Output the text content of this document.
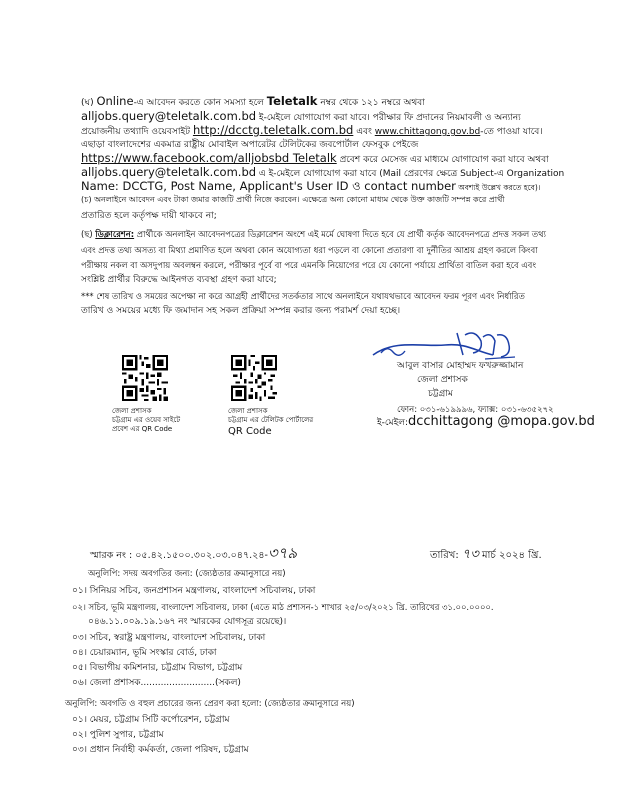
(ঘ) Online-এ আবেদন করতে কোন সমস্যা হলে Teletalk নম্বর থেকে ১২১ নম্বরে অথবা
alljobs.query@teletalk.com.bd ই-মেইলে যোগাযোগ করা যাবে। পরীক্ষার ফি প্রদানের নিয়মাবলী ও অন্যান্য
প্রয়োজনীয় তথ্যাদি ওয়েবসাইট http://dcctg.teletalk.com.bd এবং www.chittagong.gov.bd-তে পাওয়া যাবে।
এছাড়া বাংলাদেশের একমাত্র রাষ্ট্রীয় মোবাইল অপারেটর টেলিটকের জবপোর্টাল ফেসবুক পেইজে
https://www.facebook.com/alljobsbd Teletalk প্রবেশ করে মেসেজ এর মাধ্যমে যোগাযোগ করা যাবে অথবা
alljobs.query@teletalk.com.bd এ ই-মেইলে যোগাযোগ করা যাবে (Mail প্রেরণের ক্ষেত্রে Subject-এ Organization
Name: DCCTG, Post Name, Applicant's User ID ও contact number অবশ্যই উল্লেখ করতে হবে)।
(চ) অনলাইনে আবেদন এবং টাকা জমার কাজটি প্রার্থী নিজে করবেন। এক্ষেত্রে অন্য কোনো মাধ্যম থেকে উক্ত কাজটি সম্পন্ন করে প্রার্থী
প্রতারিত হলে কর্তৃপক্ষ দায়ী থাকবে না;
(ছ) ডিক্লারেশন: প্রার্থীকে অনলাইন আবেদনপত্রের ডিক্লারেশন অংশে এই মর্মে ঘোষণা দিতে হবে যে প্রার্থী কর্তৃক আবেদনপত্রে প্রদত্ত সকল তথ্য
এবং প্রদত্ত তথ্য অসত্য বা মিথ্যা প্রমাণিত হলে অথবা কোন অযোগ্যতা ধরা পড়লে বা কোনো প্রতারণা বা দুর্নীতির আশ্রয় গ্রহণ করলে কিংবা
পরীক্ষায় নকল বা অসদুপায় অবলম্বন করলে, পরীক্ষার পূর্বে বা পরে এমনকি নিয়োগের পরে যে কোনো পর্যায়ে প্রার্থিতা বাতিল করা হবে এবং
সংশ্লিষ্ট প্রার্থীর বিরুদ্ধে আইনগত ব্যবস্থা গ্রহণ করা যাবে;
*** শেষ তারিখ ও সময়ের অপেক্ষা না করে আগ্রহী প্রার্থীদের সতর্কতার সাথে অনলাইনে যথাযথভাবে আবেদন ফরম পূরণ এবং নির্ধারিত
তারিখ ও সময়ের মধ্যে ফি জমাদান সহ সকল প্রক্রিয়া সম্পন্ন করার জন্য পরামর্শ দেয়া হচ্ছে।
জেলা প্রশাসক
চট্টগ্রাম এর ওয়েব সাইটে
প্রবেশ এর QR Code
জেলা প্রশাসক
চট্টগ্রাম এর টেলিটক পোর্টালের
QR Code
আবুল বাসার মোহাম্মদ ফখরুজ্জামান
জেলা প্রশাসক
চট্টগ্রাম
ফোন: ০৩১-৬১৯৯৯৬, ফ্যাক্স: ০৩১-৬৩৫২৭২
ই-মেইল:dcchittagong @mopa.gov.bd
স্মারক নং : ০৫.৪২.১৫০০.৩০২.০৩.০৪৭.২৪-৩৭৯	তারিখ: ৭৩ মার্চ ২০২৪ খ্রি.
অনুলিপি: সদয় অবগতির জন্য: (জ্যেষ্ঠতার ক্রমানুসারে নয়)
০১। সিনিয়র সচিব, জনপ্রশাসন মন্ত্রণালয়, বাংলাদেশ সচিবালয়, ঢাকা
০২। সচিব, ভূমি মন্ত্রণালয়, বাংলাদেশ সচিবালয়, ঢাকা (এতে মাঠ প্রশাসন-১ শাখার ২৫/০৩/২০২১ খ্রি. তারিখের ৩১.০০.০০০০.
০৪৬.১১.০০৯.১৯.১৬৭ নং স্মারকের যোগসূত্র রয়েছে)।
০৩। সচিব, স্বরাষ্ট্র মন্ত্রণালয়, বাংলাদেশ সচিবালয়, ঢাকা
০৪। চেয়ারম্যান, ভূমি সংস্কার বোর্ড, ঢাকা
০৫। বিভাগীয় কমিশনার, চট্টগ্রাম বিভাগ, চট্টগ্রাম
০৬। জেলা প্রশাসক..........................(সকল)
অনুলিপি: অবগতি ও বহুল প্রচারের জন্য প্রেরণ করা হলো: (জ্যেষ্ঠতার ক্রমানুসারে নয়)
০১। মেয়র, চট্টগ্রাম সিটি কর্পোরেশন, চট্টগ্রাম
০২। পুলিশ সুপার, চট্টগ্রাম
০৩। প্রধান নির্বাহী কর্মকর্তা, জেলা পরিষদ, চট্টগ্রাম
